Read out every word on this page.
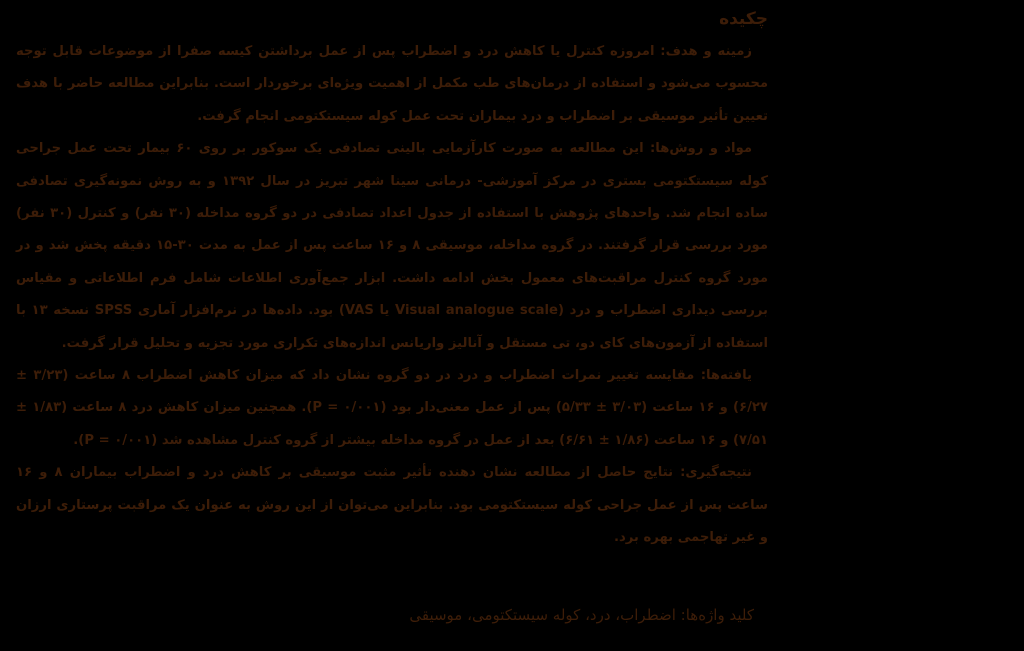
چکیده

زمینه و هدف: امروزه کنترل یا کاهش درد و اضطراب پس از عمل برداشتن کیسه صفرا از موضوعات قابل توجه محسوب می‌شود و استفاده از درمان‌های طب مکمل از اهمیت ویژه‌ای برخوردار است. بنابراین مطالعه حاضر با هدف تعیین تأثیر موسیقی بر اضطراب و درد بیماران تحت عمل کوله سیستکتومی انجام گرفت.

مواد و روش‌ها: این مطالعه به صورت کارآزمایی بالینی تصادفی یک سوکور بر روی ۶۰ بیمار تحت عمل جراحی کوله سیستکتومی بستری در مرکز آموزشی- درمانی سینا شهر تبریز در سال ۱۳۹۲ و به روش نمونه‌گیری تصادفی ساده انجام شد. واحدهای پژوهش با استفاده از جدول اعداد تصادفی در دو گروه مداخله (۳۰ نفر) و کنترل (۳۰ نفر) مورد بررسی قرار گرفتند. در گروه مداخله، موسیقی ۸ و ۱۶ ساعت پس از عمل به مدت ۳۰-۱۵ دقیقه پخش شد و در مورد گروه کنترل مراقبت‌های معمول بخش ادامه داشت. ابزار جمع‌آوری اطلاعات شامل فرم اطلاعاتی و مقیاس بررسی دیداری اضطراب و درد (Visual analogue scale یا VAS) بود. داده‌ها در نرم‌افزار آماری SPSS نسخه ۱۳ با استفاده از آزمون‌های کای دو، تی مستقل و آنالیز واریانس اندازه‌های تکراری مورد تجزیه و تحلیل قرار گرفت.

یافته‌ها: مقایسه تغییر نمرات اضطراب و درد در دو گروه نشان داد که میزان کاهش اضطراب ۸ ساعت (۳/۲۳ ± ۶/۲۷) و ۱۶ ساعت (۳/۰۳ ± ۵/۳۳) پس از عمل معنی‌دار بود (P = ۰/۰۰۱). همچنین میزان کاهش درد ۸ ساعت (۱/۸۳ ± ۷/۵۱) و ۱۶ ساعت (۱/۸۶ ± ۶/۶۱) بعد از عمل در گروه مداخله بیشتر از گروه کنترل مشاهده شد (P = ۰/۰۰۱).

نتیجه‌گیری: نتایج حاصل از مطالعه نشان دهنده تأثیر مثبت موسیقی بر کاهش درد و اضطراب بیماران ۸ و ۱۶ ساعت پس از عمل جراحی کوله سیستکتومی بود. بنابراین می‌توان از این روش به عنوان یک مراقبت پرستاری ارزان و غیر تهاجمی بهره برد.

کلید واژه‌ها: اضطراب، درد، کوله سیستکتومی، موسیقی
